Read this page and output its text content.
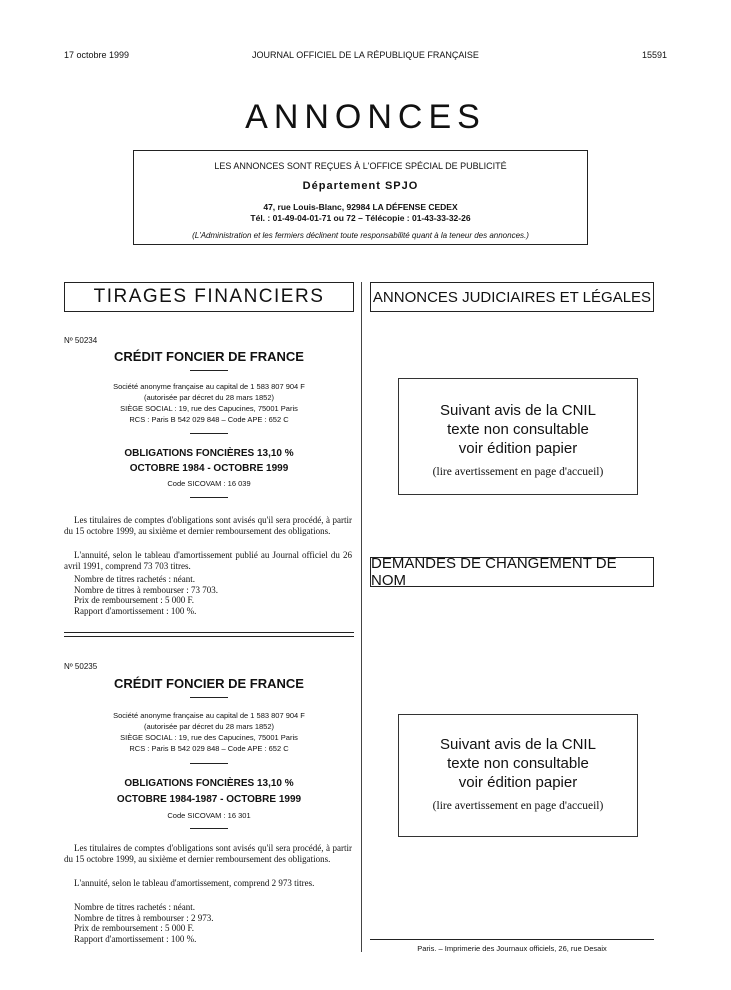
17 octobre 1999	JOURNAL OFFICIEL DE LA RÉPUBLIQUE FRANÇAISE	15591
ANNONCES
LES ANNONCES SONT REÇUES À L'OFFICE SPÉCIAL DE PUBLICITÉ
Département SPJO
47, rue Louis-Blanc, 92984 LA DÉFENSE CEDEX
Tél. : 01-49-04-01-71 ou 72 – Télécopie : 01-43-33-32-26
(L'Administration et les fermiers déclinent toute responsabilité quant à la teneur des annonces.)
TIRAGES FINANCIERS	ANNONCES JUDICIAIRES ET LÉGALES
DEMANDES DE CHANGEMENT DE NOM
Nº 50234
CRÉDIT FONCIER DE FRANCE

Société anonyme française au capital de 1 583 807 904 F

(autorisée par décret du 28 mars 1852)

SIÈGE SOCIAL : 19, rue des Capucines, 75001 Paris

RCS : Paris B 542 029 848 – Code APE : 652 C

OBLIGATIONS FONCIÈRES 13,10 %
OCTOBRE 1984 - OCTOBRE 1999
Code SICOVAM : 16 039
Les titulaires de comptes d'obligations sont avisés qu'il sera procédé, à partir du 15 octobre 1999, au sixième et dernier remboursement des obligations.
L'annuité, selon le tableau d'amortissement publié au Journal officiel du 26 avril 1991, comprend 73 703 titres.

Nombre de titres rachetés : néant.

Nombre de titres à rembourser : 73 703.

Prix de remboursement : 5 000 F.

Rapport d'amortissement : 100 %.

Nº 50235
CRÉDIT FONCIER DE FRANCE

Société anonyme française au capital de 1 583 807 904 F

(autorisée par décret du 28 mars 1852)

SIÈGE SOCIAL : 19, rue des Capucines, 75001 Paris

RCS : Paris B 542 029 848 – Code APE : 652 C

OBLIGATIONS FONCIÈRES 13,10 %
OCTOBRE 1984-1987 - OCTOBRE 1999
Code SICOVAM : 16 301
Les titulaires de comptes d'obligations sont avisés qu'il sera procédé, à partir du 15 octobre 1999, au sixième et dernier remboursement des obligations.
L'annuité, selon le tableau d'amortissement, comprend 2 973 titres.

Nombre de titres rachetés : néant.

Nombre de titres à rembourser : 2 973.

Prix de remboursement : 5 000 F.

Rapport d'amortissement : 100 %.

Suivant avis de la CNIL
texte non consultable
voir édition papier
(lire avertissement en page d'accueil)
Suivant avis de la CNIL
texte non consultable
voir édition papier
(lire avertissement en page d'accueil)
Paris. – Imprimerie des Journaux officiels, 26, rue Desaix
